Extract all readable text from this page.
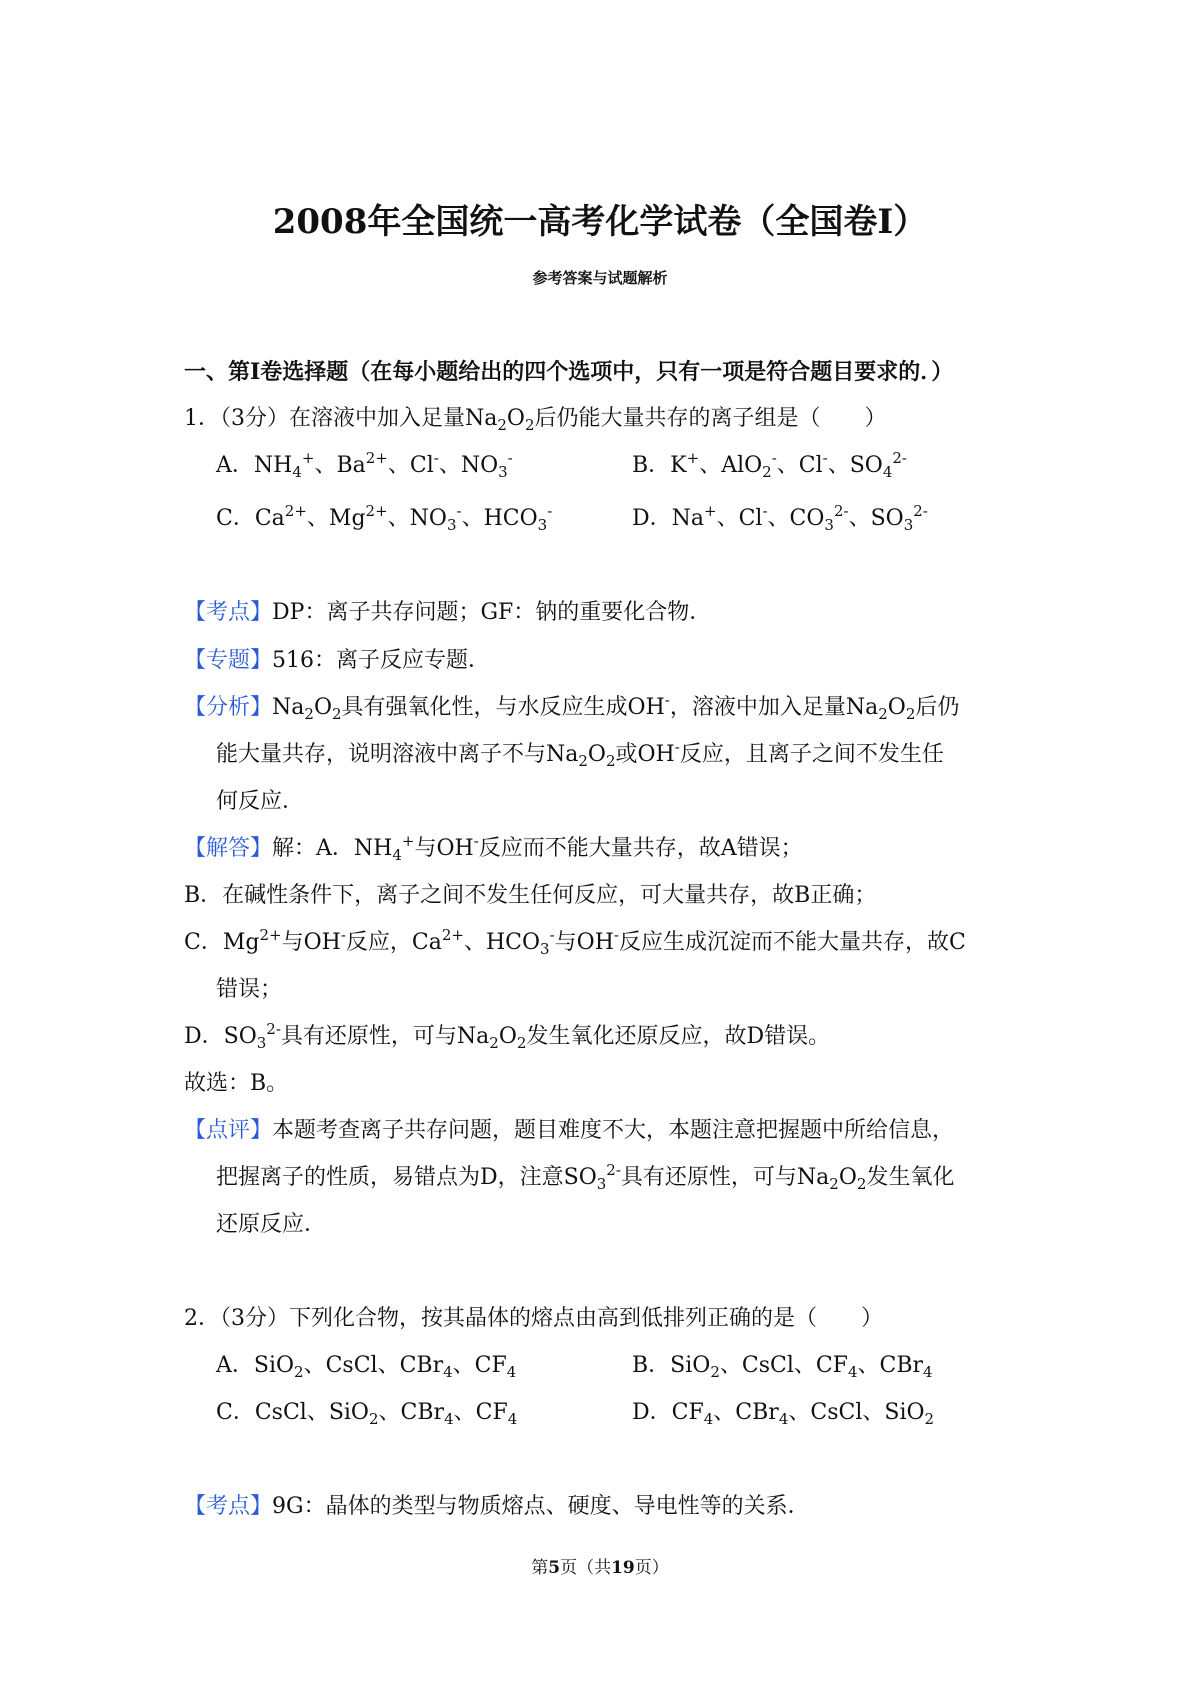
2008年全国统一高考化学试卷（全国卷Ⅰ）
参考答案与试题解析
一、第Ⅰ卷选择题（在每小题给出的四个选项中，只有一项是符合题目要求的．）
1．（3分）在溶液中加入足量$Na_2O_2$后仍能大量共存的离子组是（　　）
A．$NH_4^+$、$Ba^{2+}$、Cl-、$NO_3^-$	B．K+、AlO$_2$-、Cl-、$SO_4^{2-}$
C．$Ca^{2+}$、$Mg^{2+}$、$NO_3^-$、$HCO_3^-$	D．Na+、Cl-、$CO_3^{2-}$、$SO_3^{2-}$
【考点】DP：离子共存问题；GF：钠的重要化合物．
【专题】516：离子反应专题．
【分析】$Na_2O_2$具有强氧化性，与水反应生成OH-，溶液中加入足量$Na_2O_2$后仍
能大量共存，说明溶液中离子不与$Na_2O_2$或OH-反应，且离子之间不发生任
何反应．
【解答】解：A．$NH_4^+$与OH-反应而不能大量共存，故A错误；
B．在碱性条件下，离子之间不发生任何反应，可大量共存，故B正确；
C．$Mg^{2+}$与OH-反应，$Ca^{2+}$、$HCO_3^-$与OH-反应生成沉淀而不能大量共存，故C
错误；
D．$SO_3^{2-}$具有还原性，可与$Na_2O_2$发生氧化还原反应，故D错误。
故选：B。
【点评】本题考查离子共存问题，题目难度不大，本题注意把握题中所给信息，
把握离子的性质，易错点为D，注意$SO_3^{2-}$具有还原性，可与$Na_2O_2$发生氧化
还原反应．
2．（3分）下列化合物，按其晶体的熔点由高到低排列正确的是（　　）
A．SiO$_2$、CsCl、CBr$_4$、$CF_4$	B．SiO$_2$、CsCl、$CF_4$、CBr$_4$
C．CsCl、SiO$_2$、CBr$_4$、$CF_4$	D．$CF_4$、CBr$_4$、CsCl、SiO$_2$
【考点】9G：晶体的类型与物质熔点、硬度、导电性等的关系．
第5页（共19页）
